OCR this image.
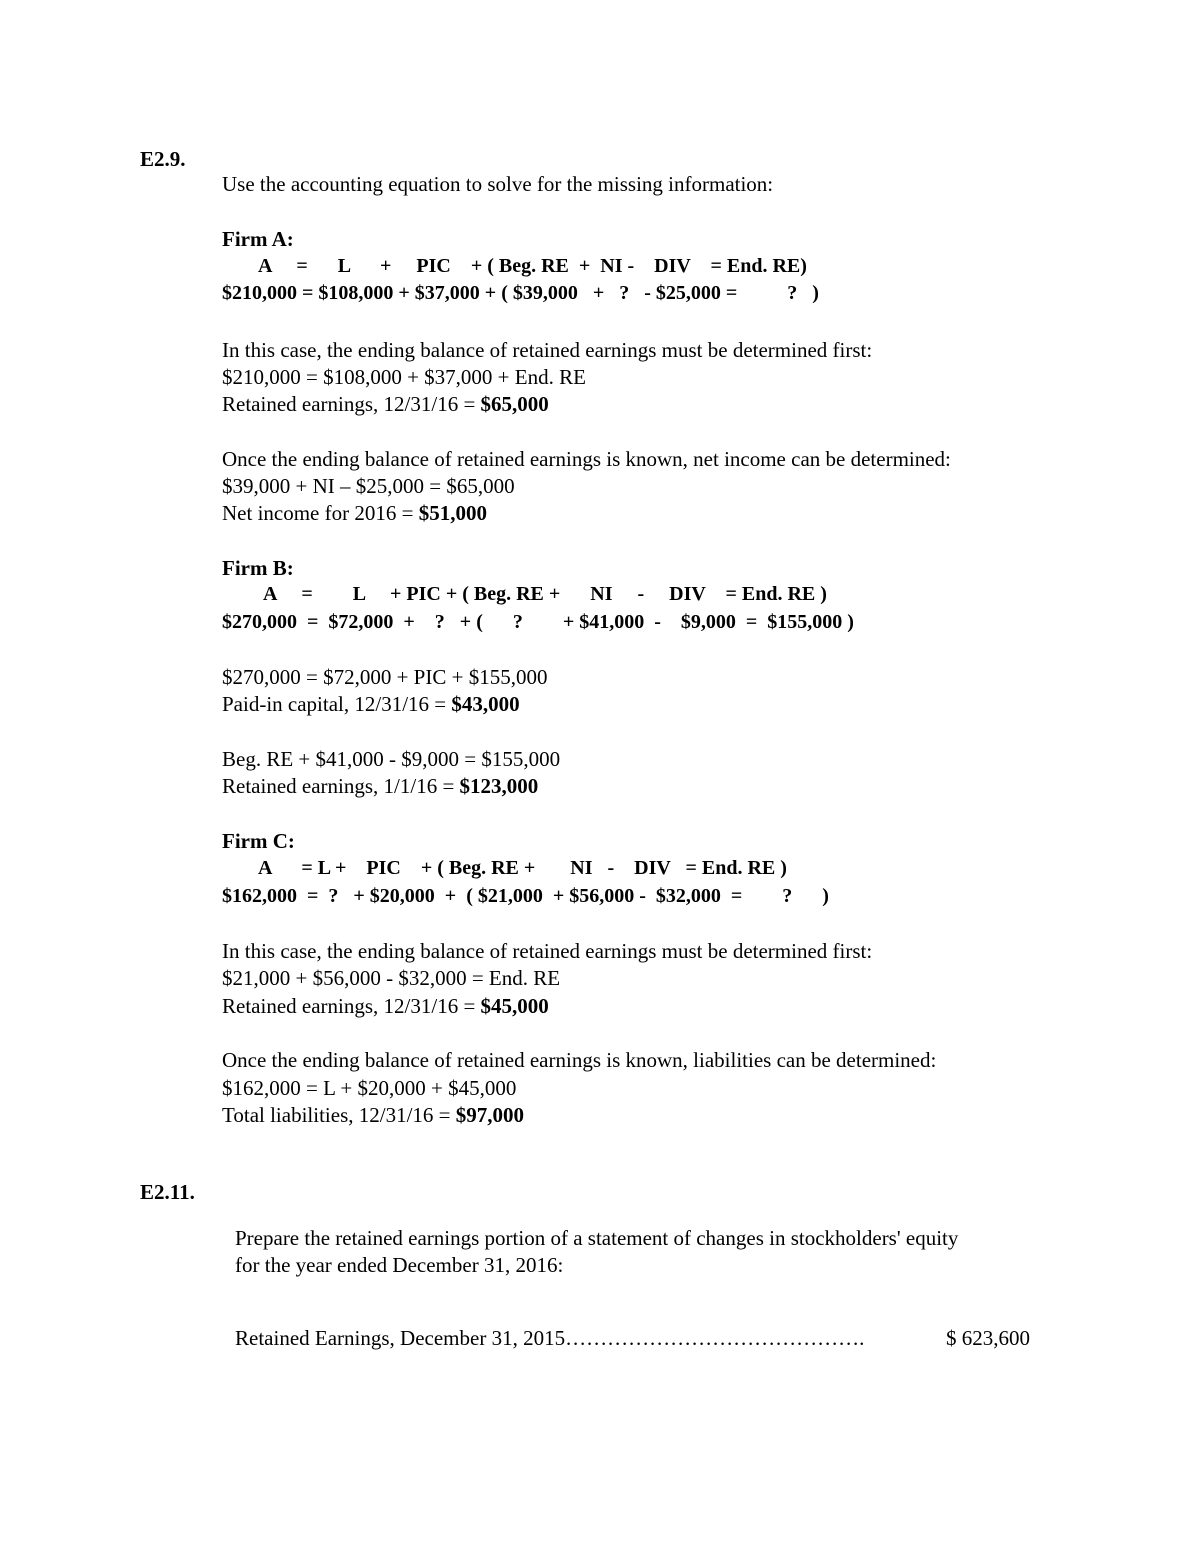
E2.9.
Use the accounting equation to solve for the missing information:
Firm A:
A     =      L      +     PIC    + ( Beg. RE  +  NI -    DIV    = End. RE)
$210,000 = $108,000 + $37,000 + ( $39,000   +   ?   - $25,000 =          ?   )
In this case, the ending balance of retained earnings must be determined first:
$210,000 = $108,000 + $37,000 + End. RE
Retained earnings, 12/31/16 = $65,000
Once the ending balance of retained earnings is known, net income can be determined:
$39,000 + NI – $25,000 = $65,000
Net income for 2016 = $51,000
Firm B:
A     =        L     + PIC + ( Beg. RE +      NI     -     DIV    = End. RE )
$270,000  =  $72,000  +    ?   + (      ?        + $41,000  -    $9,000  =  $155,000 )
$270,000 = $72,000 + PIC + $155,000
Paid-in capital, 12/31/16 = $43,000
Beg. RE + $41,000 - $9,000 = $155,000
Retained earnings, 1/1/16 = $123,000
Firm C:
A      = L +    PIC    + ( Beg. RE +       NI   -    DIV   = End. RE )
$162,000  =  ?   + $20,000  +  ( $21,000  + $56,000 -  $32,000  =        ?      )
In this case, the ending balance of retained earnings must be determined first:
$21,000 + $56,000 - $32,000 = End. RE
Retained earnings, 12/31/16 = $45,000
Once the ending balance of retained earnings is known, liabilities can be determined:
$162,000 = L + $20,000 + $45,000
Total liabilities, 12/31/16 = $97,000
E2.11.
Prepare the retained earnings portion of a statement of changes in stockholders' equity
for the year ended December 31, 2016:
Retained Earnings, December 31, 2015…………………………………….	$ 623,600
